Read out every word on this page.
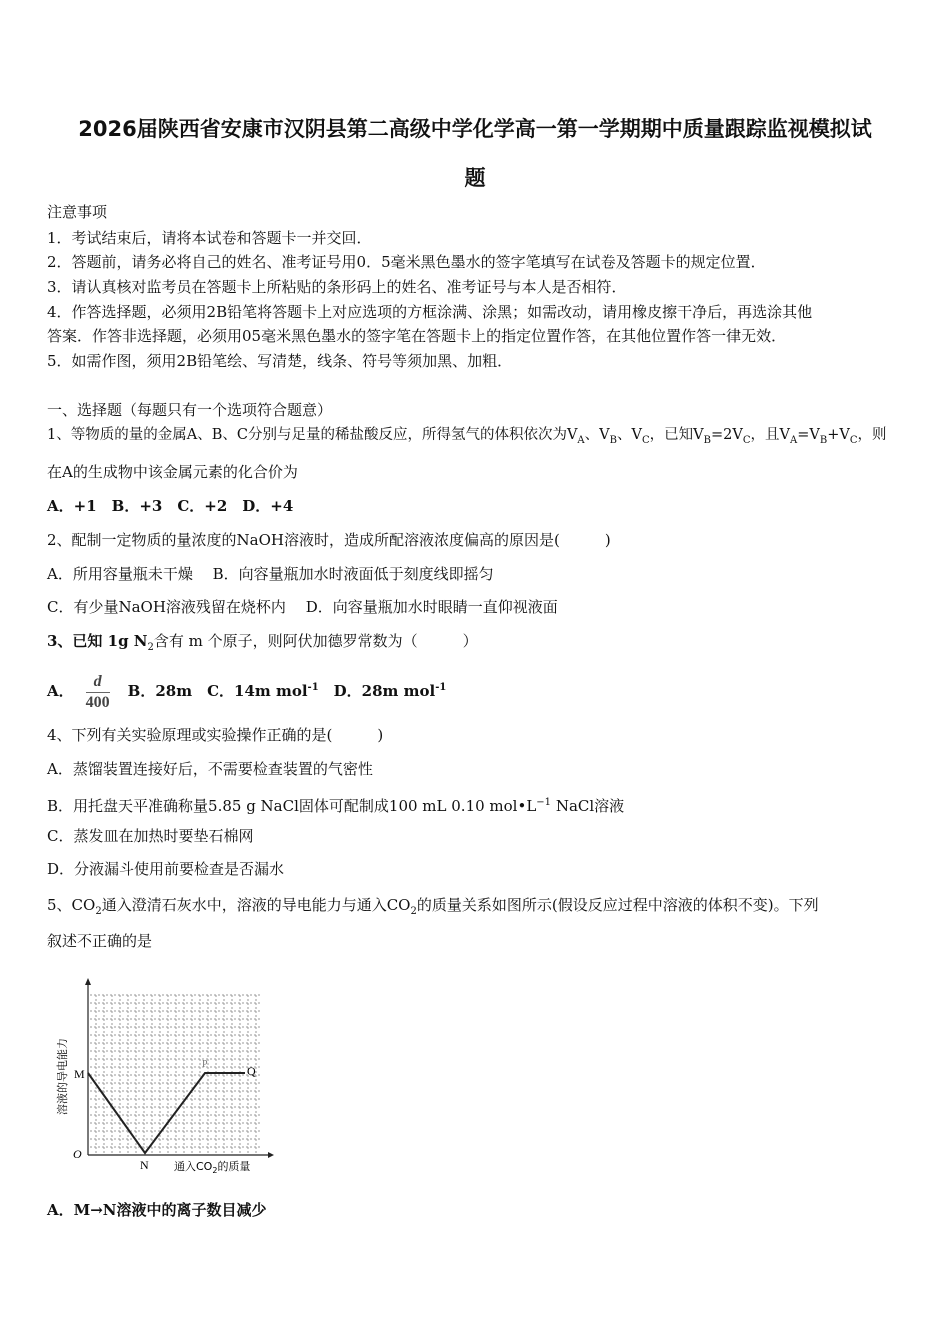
2026届陕西省安康市汉阴县第二高级中学化学高一第一学期期中质量跟踪监视模拟试
题
注意事项
1．考试结束后，请将本试卷和答题卡一并交回．
2．答题前，请务必将自己的姓名、准考证号用0．5毫米黑色墨水的签字笔填写在试卷及答题卡的规定位置．
3．请认真核对监考员在答题卡上所粘贴的条形码上的姓名、准考证号与本人是否相符．
4．作答选择题，必须用2B铅笔将答题卡上对应选项的方框涂满、涂黑；如需改动，请用橡皮擦干净后，再选涂其他
答案．作答非选择题，必须用05毫米黑色墨水的签字笔在答题卡上的指定位置作答，在其他位置作答一律无效．
5．如需作图，须用2B铅笔绘、写清楚，线条、符号等须加黑、加粗．
一、选择题（每题只有一个选项符合题意）
1、等物质的量的金属A、B、C分别与足量的稀盐酸反应，所得氢气的体积依次为$V_A$、$V_B$、$V_C$，已知$V_B=2V_C$，且$V_A=V_B+V_C$，则
在A的生成物中该金属元素的化合价为
A．+1　B．+3　C．+2　D．+4
2、配制一定物质的量浓度的NaOH溶液时，造成所配溶液浓度偏高的原因是(　　　)
A．所用容量瓶未干燥　 B．向容量瓶加水时液面低于刻度线即摇匀
C．有少量NaOH溶液残留在烧杯内　 D．向容量瓶加水时眼睛一直仰视液面
3、已知 1g $N_2$含有 m 个原子，则阿伏加德罗常数为（　　　）
A． $\frac{d}{400}$ B．28m　C．14m mol$^{-1}$　D．28m mol$^{-1}$
4、下列有关实验原理或实验操作正确的是(　　　)
A．蒸馏装置连接好后，不需要检查装置的气密性
B．用托盘天平准确称量5.85 g NaCl固体可配制成100 mL 0.10 $mol•L^{-1}$ NaCl溶液
C．蒸发皿在加热时要垫石棉网
D．分液漏斗使用前要检查是否漏水
5、$CO_2$通入澄清石灰水中，溶液的导电能力与通入$CO_2$的质量关系如图所示(假设反应过程中溶液的体积不变)。下列
叙述不正确的是
M
N
P	Q
O
通入$CO_2$的质量
溶液的导电能力
A．M→N溶液中的离子数目减少
